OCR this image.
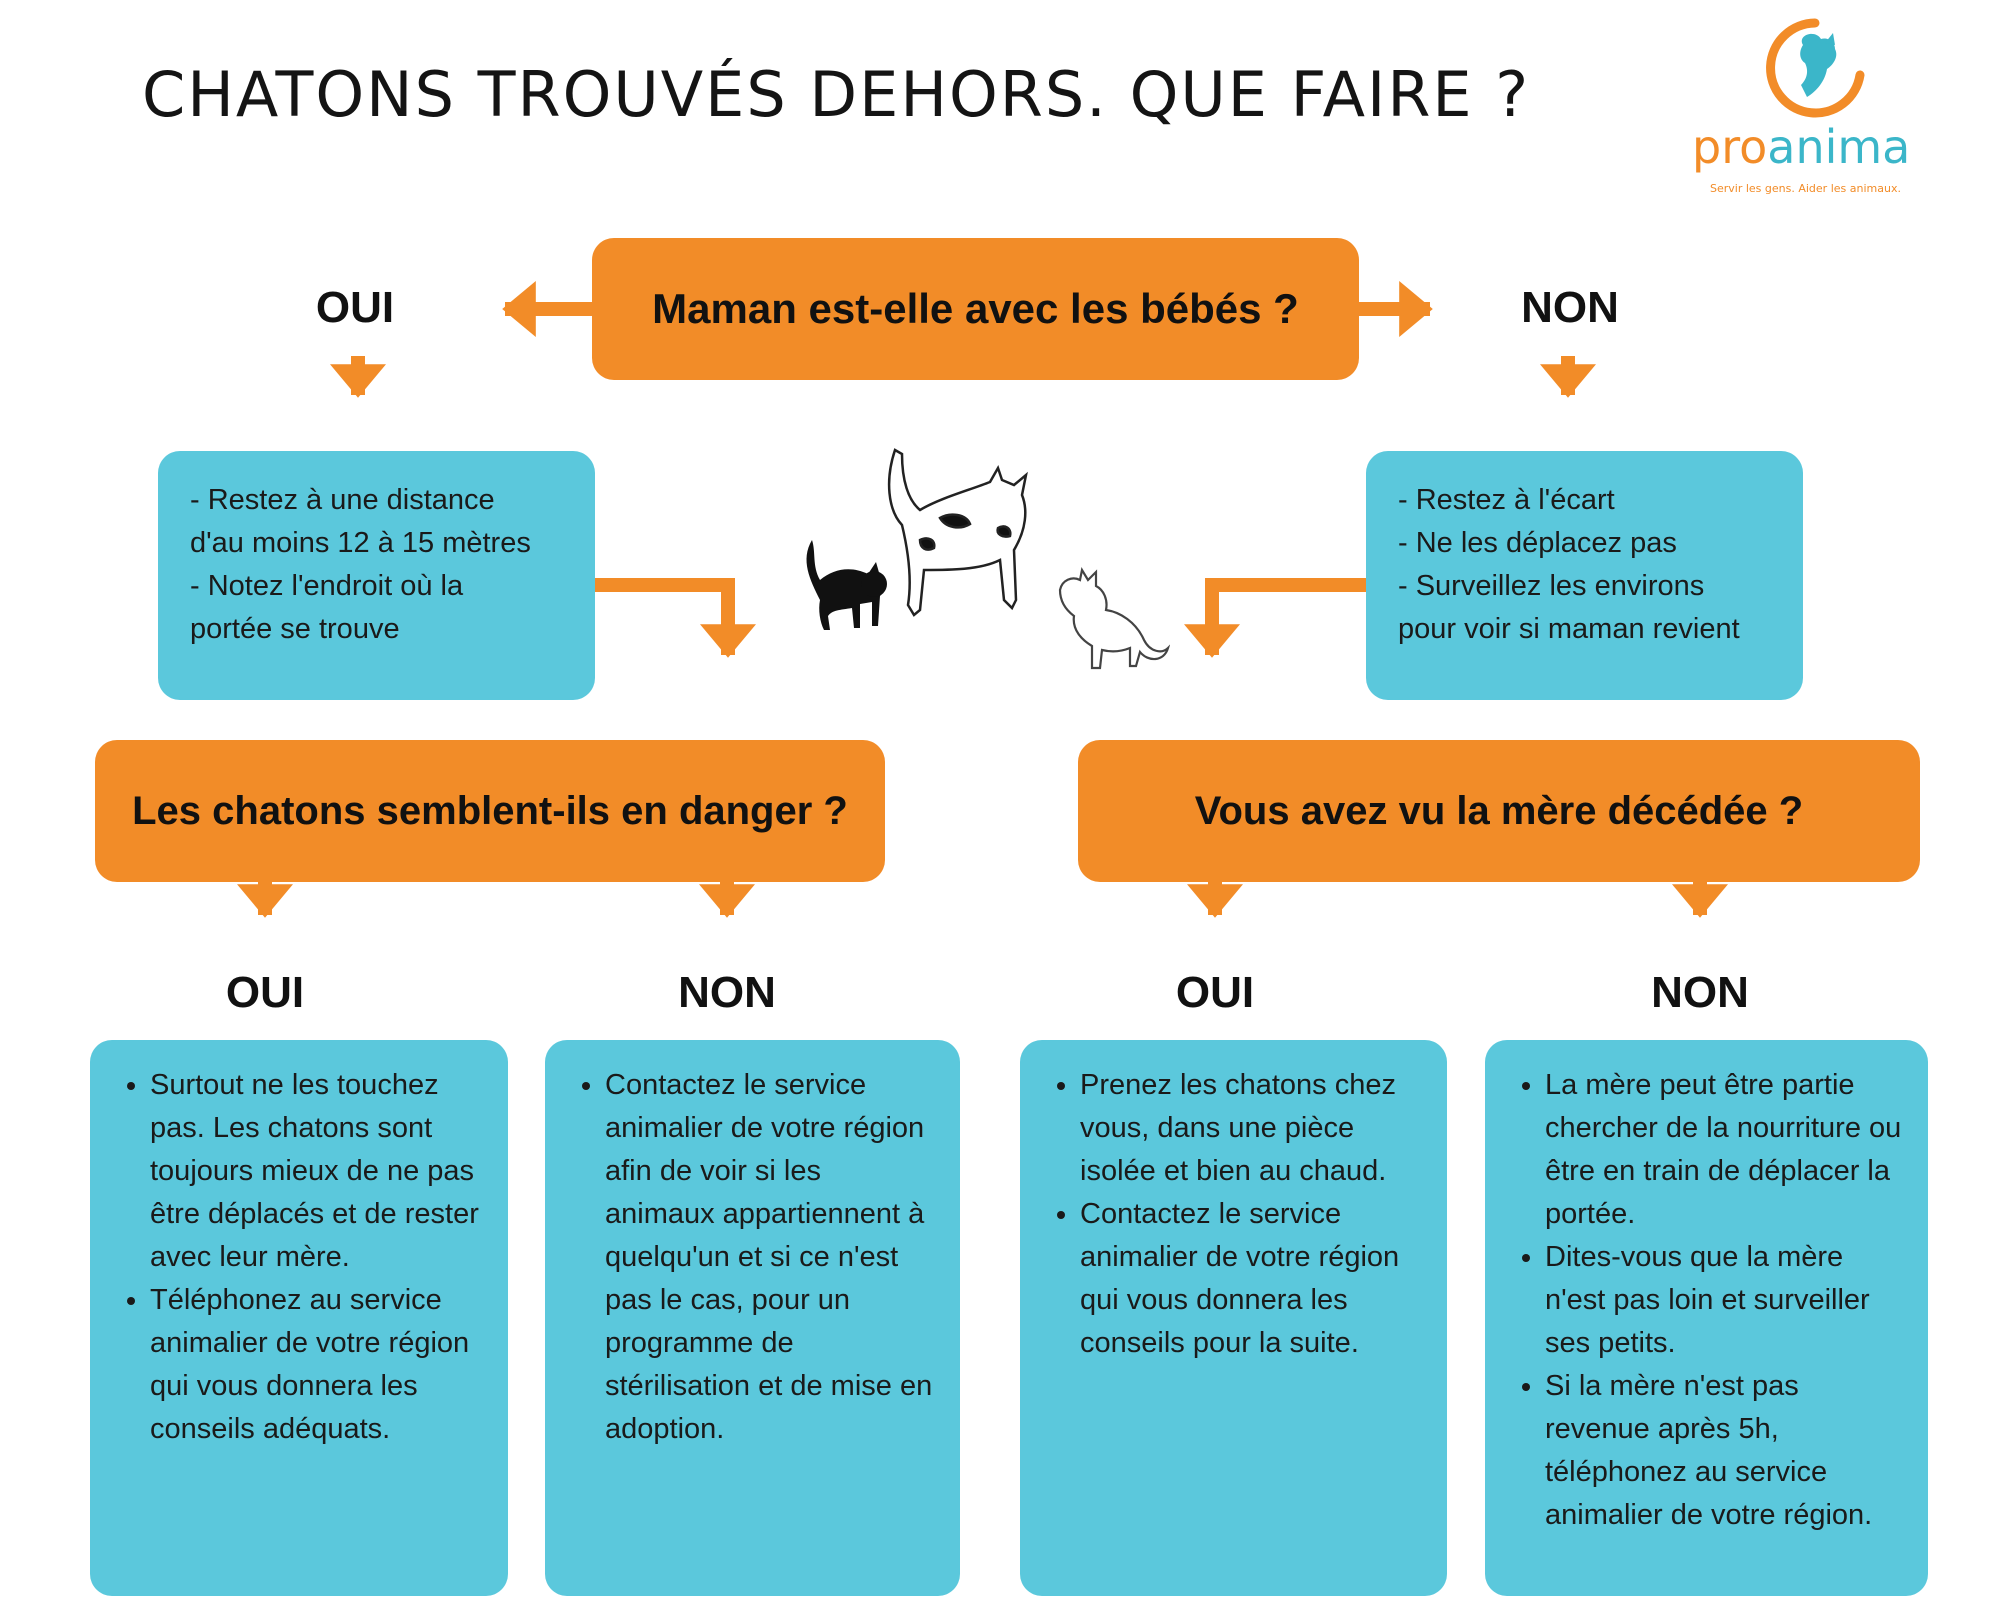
CHATONS TROUVÉS DEHORS. QUE FAIRE ?
proanima
Servir les gens. Aider les animaux.
Maman est-elle avec les bébés ?
OUI	NON
- Restez à une distance
d'au moins 12 à 15 mètres
- Notez l'endroit où la
portée se trouve
- Restez à l'écart
- Ne les déplacez pas
- Surveillez les environs
pour voir si maman revient
Les chatons semblent-ils en danger ?	Vous avez vu la mère décédée ?
OUI	NON	OUI	NON
• Surtout ne les touchez pas. Les chatons sont toujours mieux de ne pas être déplacés et de rester avec leur mère.
• Téléphonez au service animalier de votre région qui vous donnera les conseils adéquats.
• Contactez le service animalier de votre région afin de voir si les animaux appartiennent à quelqu'un et si ce n'est pas le cas, pour un programme de stérilisation et de mise en adoption.
• Prenez les chatons chez vous, dans une pièce isolée et bien au chaud.
• Contactez le service animalier de votre région qui vous donnera les conseils pour la suite.
• La mère peut être partie chercher de la nourriture ou être en train de déplacer la portée.
• Dites-vous que la mère n'est pas loin et surveiller ses petits.
• Si la mère n'est pas revenue après 5h, téléphonez au service animalier de votre région.
